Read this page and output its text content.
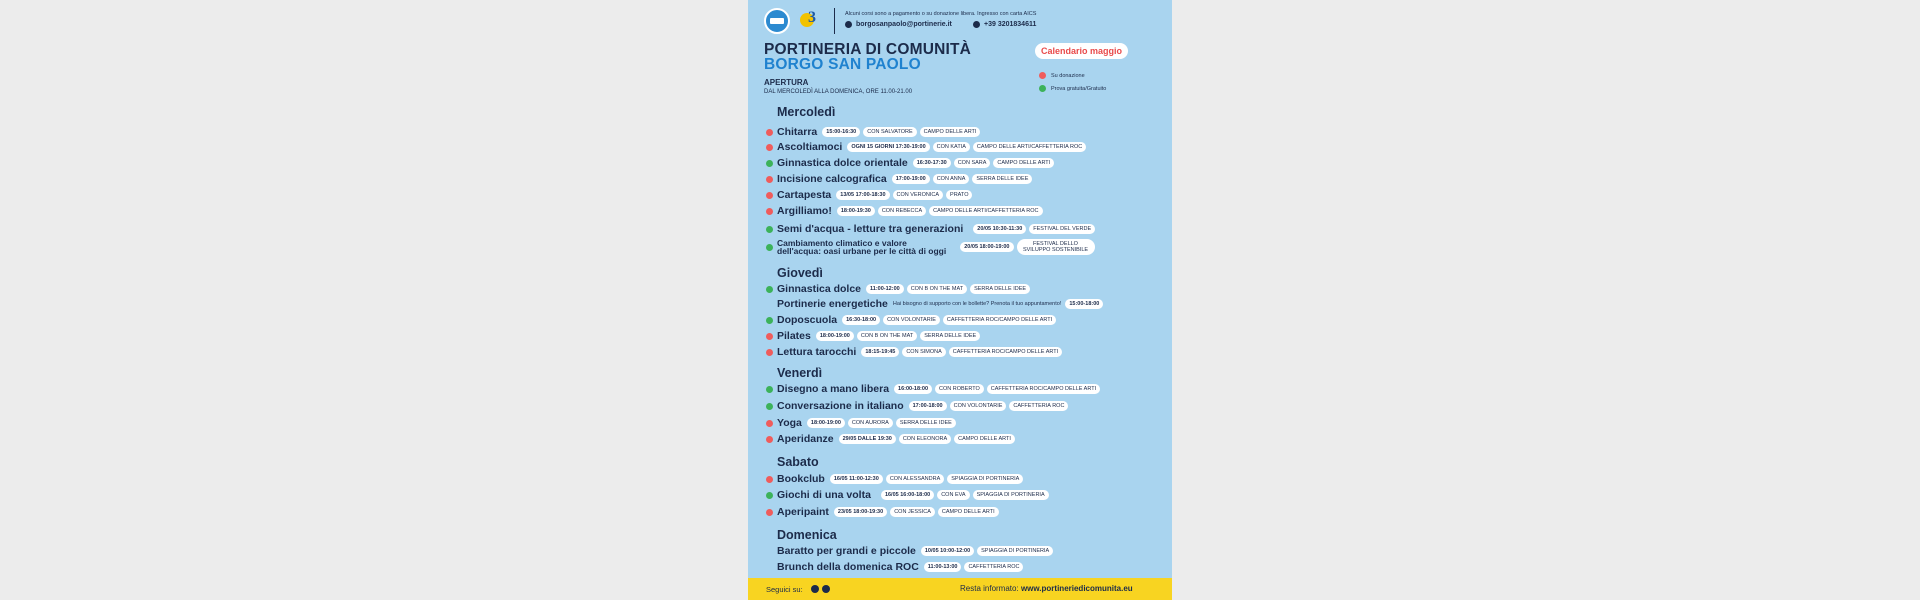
3	Alcuni corsi sono a pagamento o su donazione libera. Ingresso con carta AICS
borgosanpaolo@portinerie.it	+39 3201834611
PORTINERIA DI COMUNITÀ
BORGO SAN PAOLO
Calendario maggio
APERTURA
DAL MERCOLEDÌ ALLA DOMENICA, ORE 11.00-21.00
Su donazione
Prova gratuita/Gratuito
Mercoledì
Chitarra	15:00-16:30	CON SALVATORE	CAMPO DELLE ARTI
Ascoltiamoci	OGNI 15 GIORNI 17:30-19:00	CON KATIA	CAMPO DELLE ARTI/CAFFETTERIA ROC
Ginnastica dolce orientale	16:30-17:30	CON SARA	CAMPO DELLE ARTI
Incisione calcografica	17:00-19:00	CON ANNA	SERRA DELLE IDEE
Cartapesta	13/05 17:00-18:30	CON VERONICA	PRATO
Argilliamo!	18:00-19:30	CON REBECCA	CAMPO DELLE ARTI/CAFFETTERIA ROC
Semi d'acqua - letture tra generazioni	20/05 10:30-11:30	FESTIVAL DEL VERDE
Cambiamento climatico e valore
dell'acqua: oasi urbane per le città di oggi	20/05 18:00-19:00	FESTIVAL DELLO SVILUPPO SOSTENIBILE
Giovedì
Ginnastica dolce	11:00-12:00	CON B ON THE MAT	SERRA DELLE IDEE
Portinerie energetiche Hai bisogno di supporto con le bollette? Prenota il tuo appuntamento!	15:00-18:00
Doposcuola	16:30-18:00	CON VOLONTARIE	CAFFETTERIA ROC/CAMPO DELLE ARTI
Pilates	18:00-19:00	CON B ON THE MAT	SERRA DELLE IDEE
Lettura tarocchi	18:15-19:45	CON SIMONA	CAFFETTERIA ROC/CAMPO DELLE ARTI
Venerdì
Disegno a mano libera	16:00-18:00	CON ROBERTO	CAFFETTERIA ROC/CAMPO DELLE ARTI
Conversazione in italiano	17:00-18:00	CON VOLONTARIE	CAFFETTERIA ROC
Yoga	18:00-19:00	CON AURORA	SERRA DELLE IDEE
Aperidanze	29/05 DALLE 19:30	CON ELEONORA	CAMPO DELLE ARTI
Sabato
Bookclub	16/05 11:00-12:30	CON ALESSANDRA	SPIAGGIA DI PORTINERIA
Giochi di una volta	16/05 16:00-18:00	CON EVA	SPIAGGIA DI PORTINERIA
Aperipaint	23/05 18:00-19:30	CON JESSICA	CAMPO DELLE ARTI
Domenica
Baratto per grandi e piccole	10/05 10:00-12:00	SPIAGGIA DI PORTINERIA
Brunch della domenica ROC	11:00-13:00	CAFFETTERIA ROC
Seguici su:	Resta informato: www.portineriedicomunita.eu
